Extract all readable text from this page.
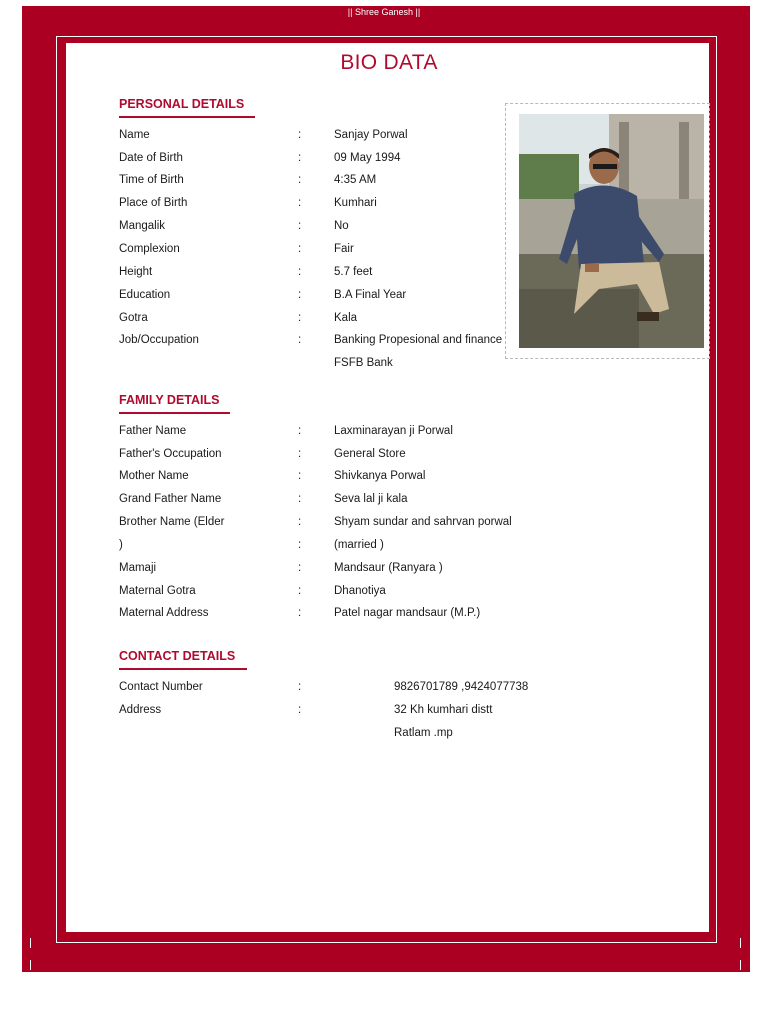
|| Shree Ganesh ||
BIO DATA
PERSONAL DETAILS
Name	:	Sanjay Porwal
Date of Birth	:	09 May 1994
Time of Birth	:	4:35 AM
Place of Birth	:	Kumhari
Mangalik	:	No
Complexion	:	Fair
Height	:	5.7 feet
Education	:	B.A Final Year
Gotra	:	Kala
Job/Occupation	:	Banking Propesional and finance
FSFB Bank
FAMILY DETAILS
Father Name	:	Laxminarayan ji Porwal
Father's Occupation	:	General Store
Mother Name	:	Shivkanya Porwal
Grand Father Name	:	Seva lal ji kala
Brother Name (Elder	:	Shyam sundar and sahrvan porwal
)	:	(married )
Mamaji	:	Mandsaur (Ranyara )
Maternal Gotra	:	Dhanotiya
Maternal Address	:	Patel nagar mandsaur (M.P.)
CONTACT DETAILS
Contact Number	:	9826701789 ,9424077738
Address	:	32 Kh kumhari distt
Ratlam .mp
